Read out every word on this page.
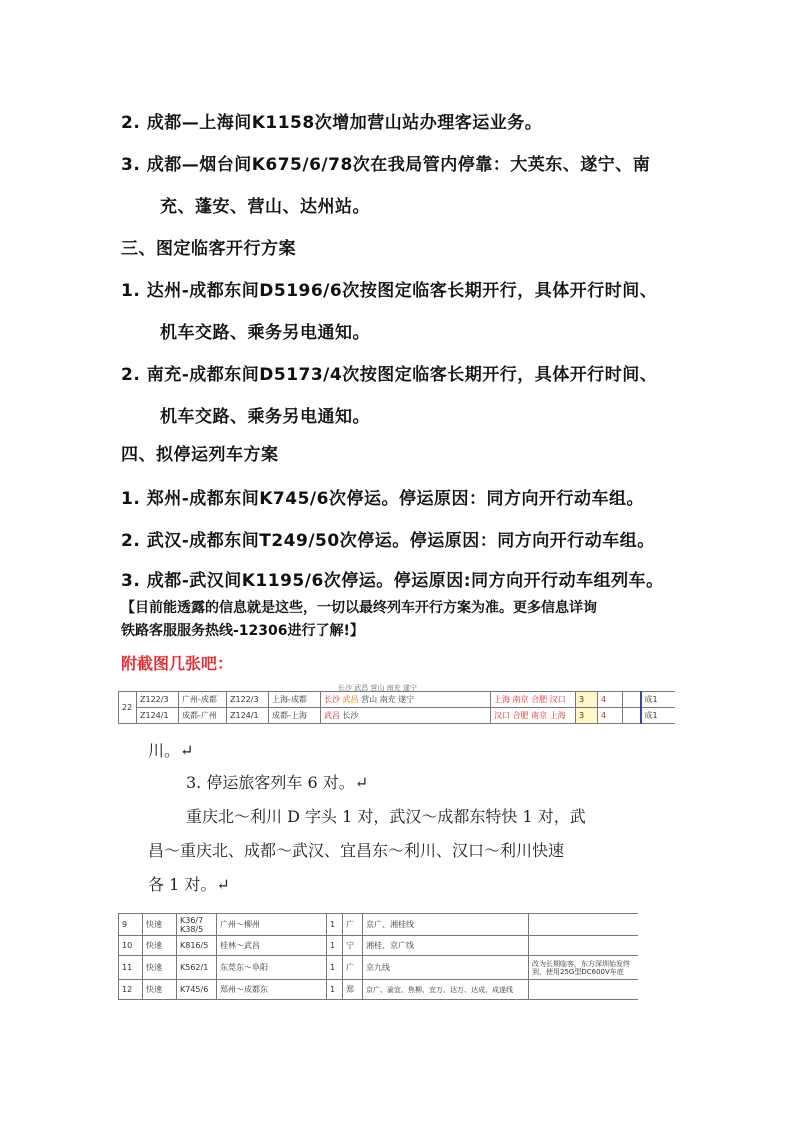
2. 成都—上海间K1158次增加营山站办理客运业务。
3. 成都—烟台间K675/6/78次在我局管内停靠：大英东、遂宁、南
充、蓬安、营山、达州站。
三、图定临客开行方案
1. 达州-成都东间D5196/6次按图定临客长期开行，具体开行时间、
机车交路、乘务另电通知。
2. 南充-成都东间D5173/4次按图定临客长期开行，具体开行时间、
机车交路、乘务另电通知。
四、拟停运列车方案
1. 郑州-成都东间K745/6次停运。停运原因：同方向开行动车组。
2. 武汉-成都东间T249/50次停运。停运原因：同方向开行动车组。
3. 成都-武汉间K1195/6次停运。停运原因:同方向开行动车组列车。
【目前能透露的信息就是这些，一切以最终列车开行方案为准。更多信息详询
铁路客服服务热线-12306进行了解!】
附截图几张吧：
长沙 武昌 营山 南充 遂宁
22	Z122/3	广州-成都	Z122/3	上海-成都	长沙 武昌 营山 南充 遂宁	上海 南京 合肥 汉口	3	4		成1
	Z124/1	成都-广州	Z124/1	成都-上海	武昌 长沙	汉口 合肥 南京 上海	3	4		成1
川。↵
3. 停运旅客列车 6 对。↵
重庆北～利川 D 字头 1 对，武汉～成都东特快 1 对，武
昌～重庆北、成都～武汉、宜昌东～利川、汉口～利川快速
各 1 对。↵
9	快速	K36/7
K38/5	广州～柳州	1	广	京广、湘桂线	
10	快速	K816/5	桂林～武昌	1	宁	湘桂、京广线	
11	快速	K562/1	东莞东～阜阳	1	广	京九线	改为长期临客，东方深圳始发终到，使用25G型DC600V车底
12	快速	K745/6	郑州～成都东	1	郑	京广、渝宜、焦柳、宜万、达万、达成、成遂线	
